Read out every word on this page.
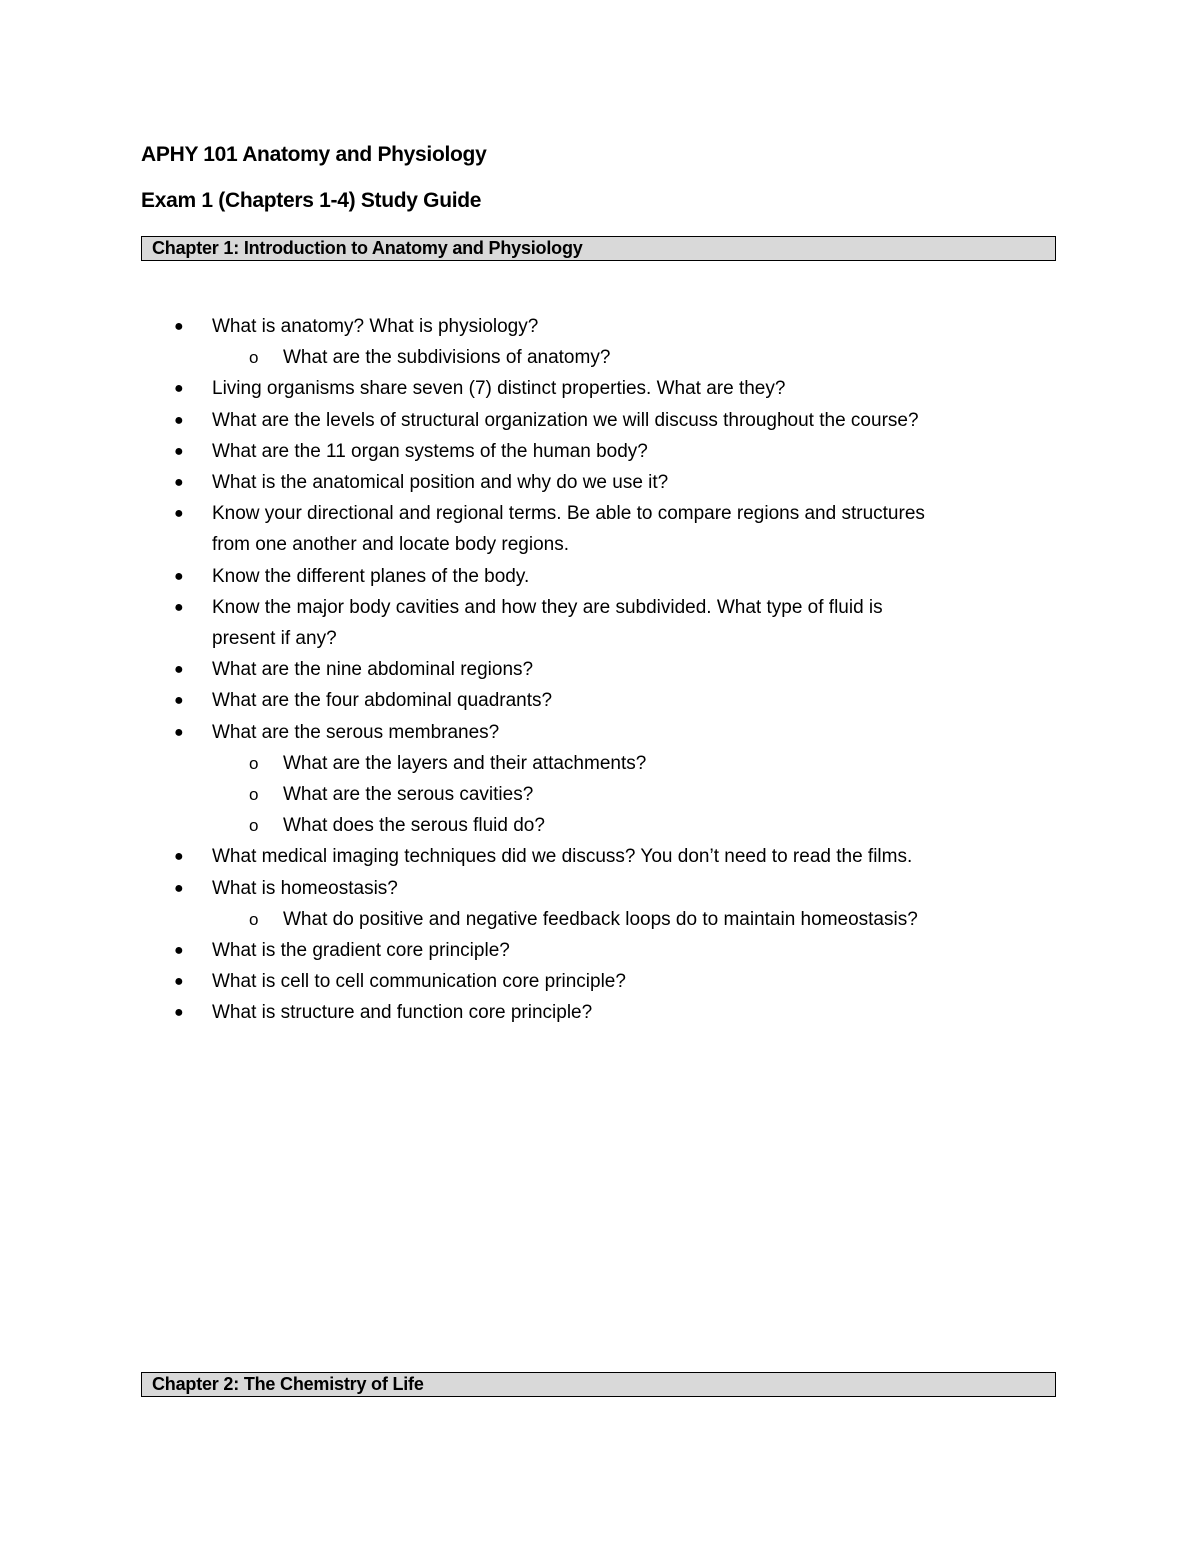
APHY 101 Anatomy and Physiology
Exam 1 (Chapters 1-4) Study Guide
Chapter 1: Introduction to Anatomy and Physiology
● What is anatomy? What is physiology?
o What are the subdivisions of anatomy?
● Living organisms share seven (7) distinct properties. What are they?
● What are the levels of structural organization we will discuss throughout the course?
● What are the 11 organ systems of the human body?
● What is the anatomical position and why do we use it?
● Know your directional and regional terms. Be able to compare regions and structures
from one another and locate body regions.
● Know the different planes of the body.
● Know the major body cavities and how they are subdivided. What type of fluid is
present if any?
● What are the nine abdominal regions?
● What are the four abdominal quadrants?
● What are the serous membranes?
o What are the layers and their attachments?
o What are the serous cavities?
o What does the serous fluid do?
● What medical imaging techniques did we discuss? You don’t need to read the films.
● What is homeostasis?
o What do positive and negative feedback loops do to maintain homeostasis?
● What is the gradient core principle?
● What is cell to cell communication core principle?
● What is structure and function core principle?
Chapter 2: The Chemistry of Life
